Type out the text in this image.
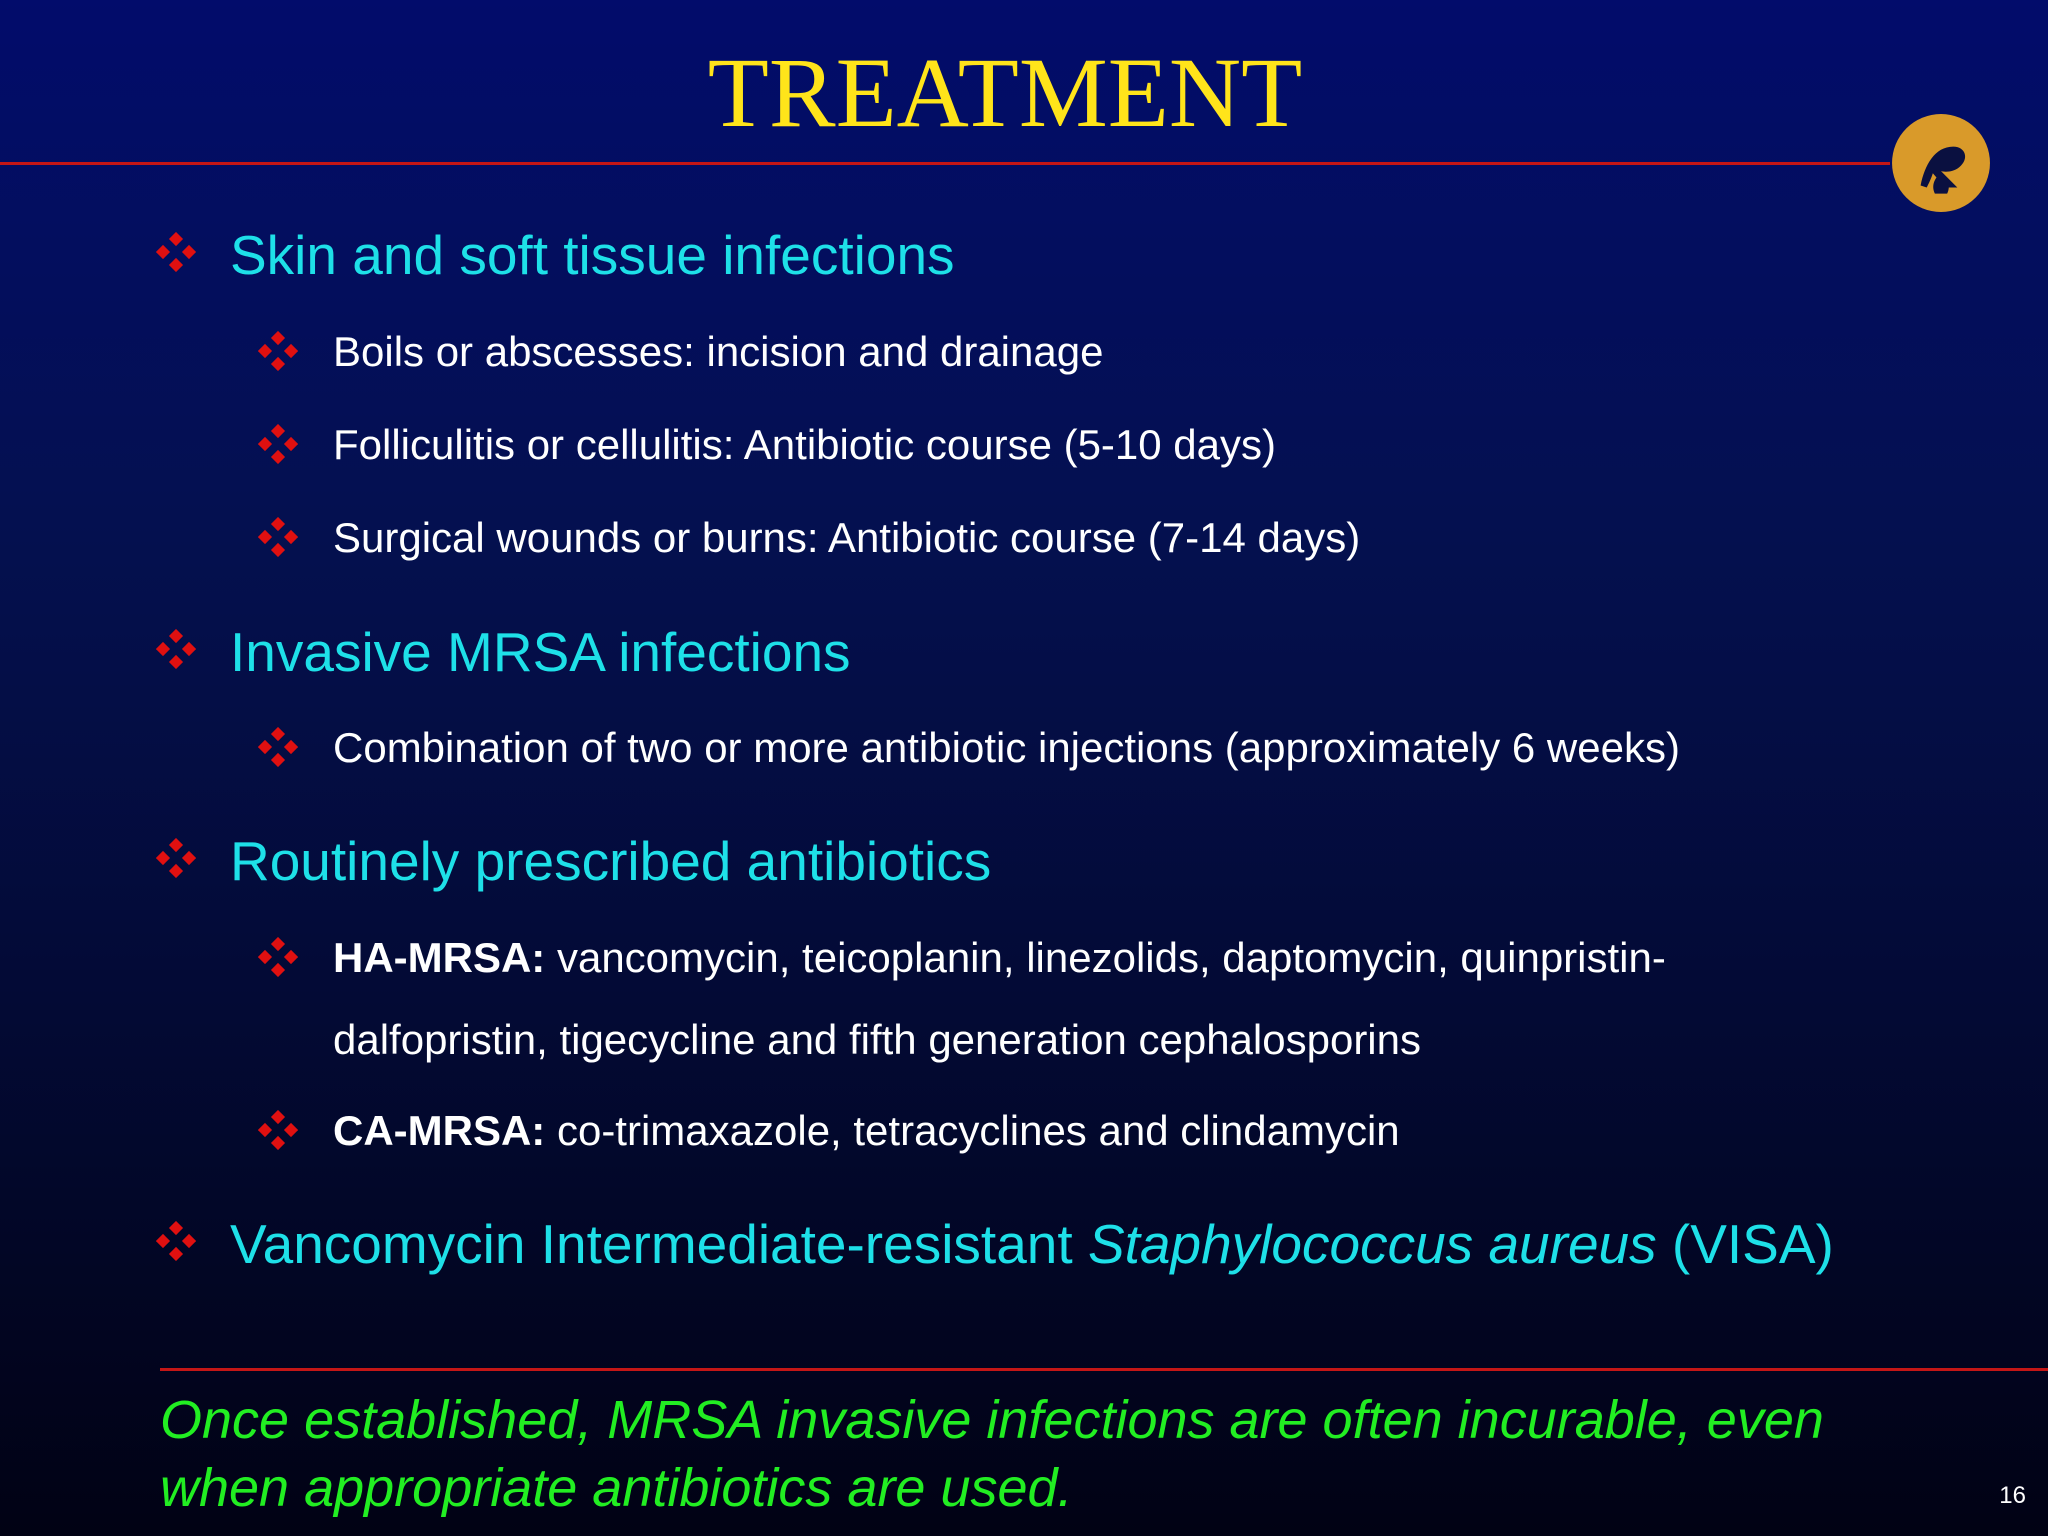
TREATMENT
Skin and soft tissue infections
Boils or abscesses: incision and drainage
Folliculitis or cellulitis: Antibiotic course (5-10 days)
Surgical wounds or burns: Antibiotic course (7-14 days)
Invasive MRSA infections
Combination of two or more antibiotic injections (approximately 6 weeks)
Routinely prescribed antibiotics
HA-MRSA: vancomycin, teicoplanin, linezolids, daptomycin, quinpristin-
dalfopristin, tigecycline and fifth generation cephalosporins
CA-MRSA: co-trimaxazole, tetracyclines and clindamycin
Vancomycin Intermediate-resistant Staphylococcus aureus (VISA)
Once established, MRSA invasive infections are often incurable, even
when appropriate antibiotics are used.	16
